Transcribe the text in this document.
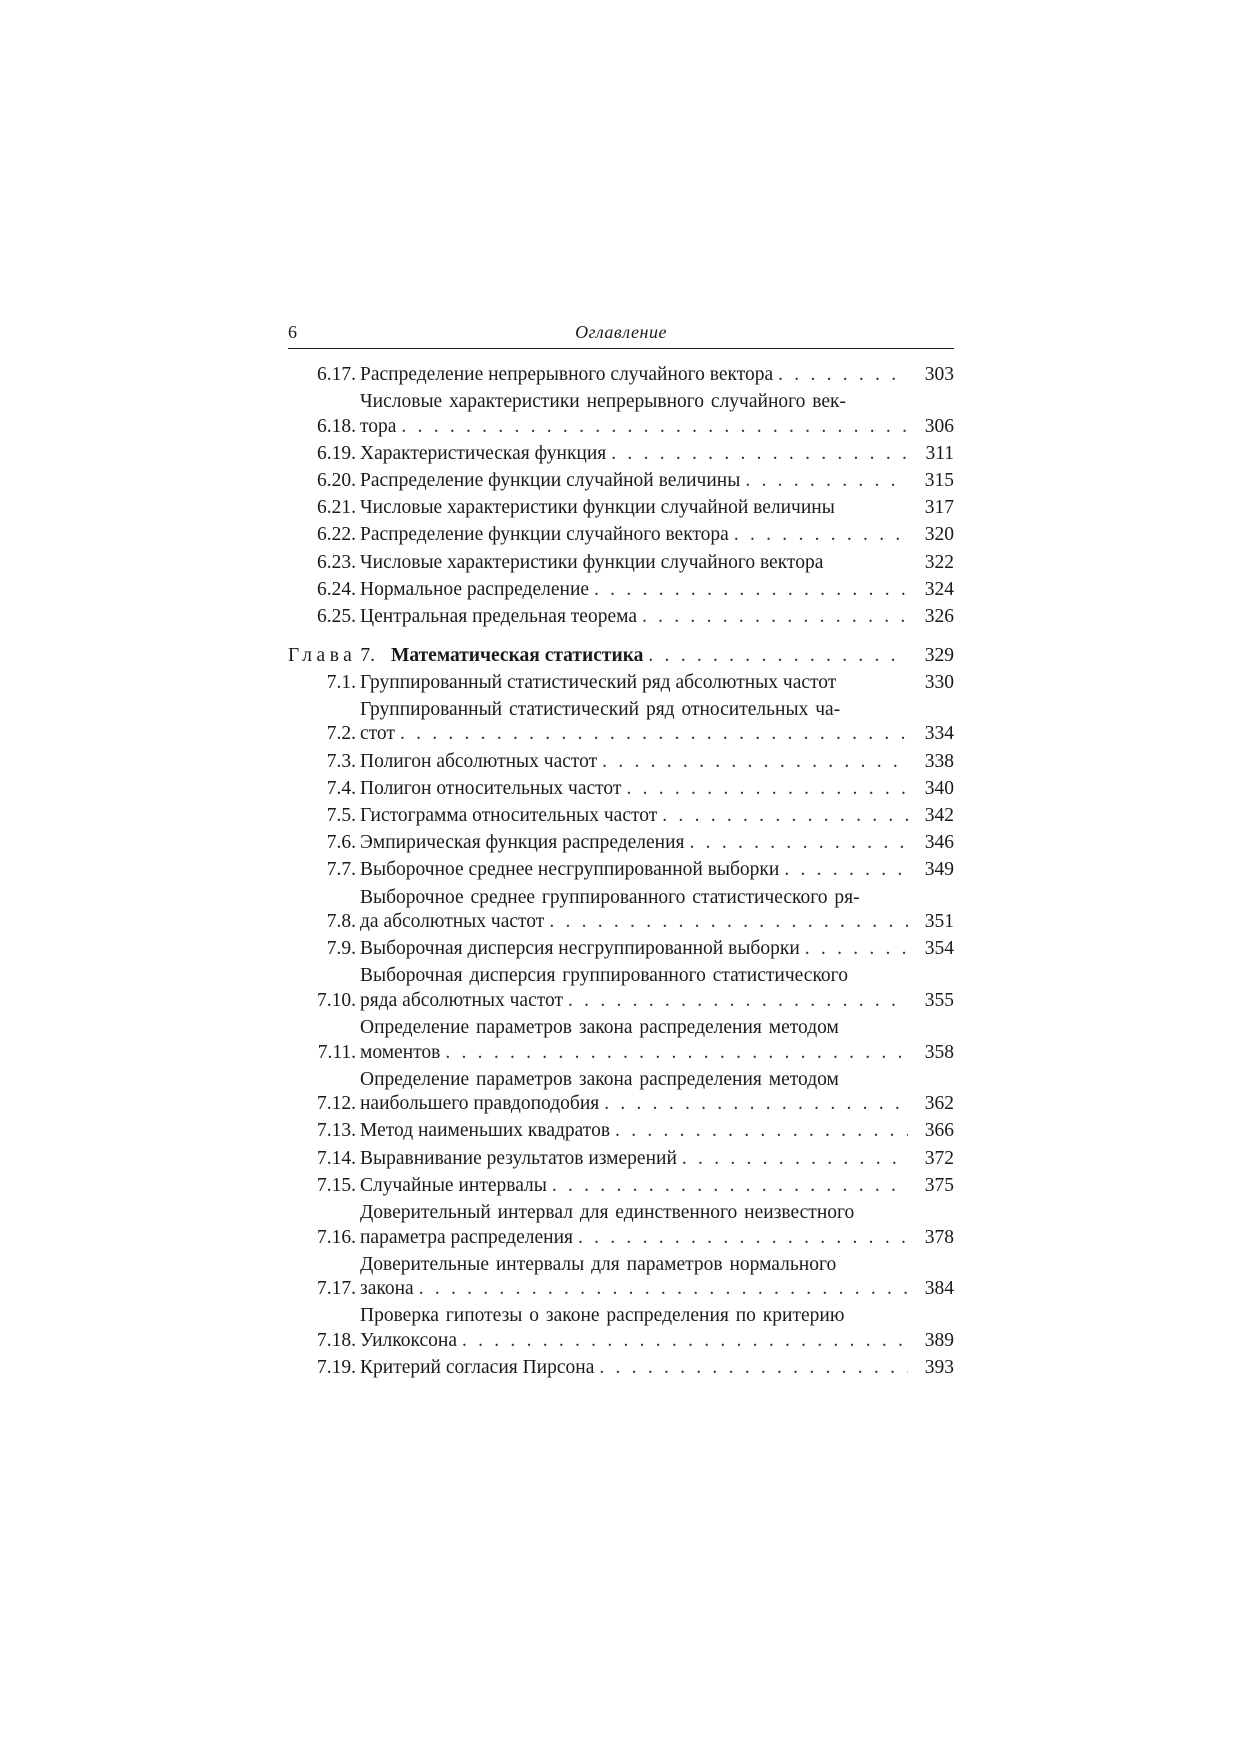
6	Оглавление
6.17. Распределение непрерывного случайного вектора . . .	303
6.18.
Числовые характеристики непрерывного случайного век-
тора . . .	306
6.19. Характеристическая функция . . .	311
6.20. Распределение функции случайной величины . . .	315
6.21. Числовые характеристики функции случайной величины	317
6.22. Распределение функции случайного вектора . . .	320
6.23. Числовые характеристики функции случайного вектора	322
6.24. Нормальное распределение . . .	324
6.25. Центральная предельная теорема . . .	326
Глава 7. Математическая статистика . . .	329
7.1. Группированный статистический ряд абсолютных частот	330
7.2.
Группированный статистический ряд относительных ча-
стот . . .	334
7.3. Полигон абсолютных частот . . .	338
7.4. Полигон относительных частот . . .	340
7.5. Гистограмма относительных частот . . .	342
7.6. Эмпирическая функция распределения . . .	346
7.7. Выборочное среднее несгруппированной выборки . . .	349
7.8.
Выборочное среднее группированного статистического ря-
да абсолютных частот . . .	351
7.9. Выборочная дисперсия несгруппированной выборки . . .	354
7.10.
Выборочная дисперсия группированного статистического
ряда абсолютных частот . . .	355
7.11.
Определение параметров закона распределения методом
моментов . . .	358
7.12.
Определение параметров закона распределения методом
наибольшего правдоподобия . . .	362
7.13. Метод наименьших квадратов . . .	366
7.14. Выравнивание результатов измерений . . .	372
7.15. Случайные интервалы . . .	375
7.16.
Доверительный интервал для единственного неизвестного
параметра распределения . . .	378
7.17.
Доверительные интервалы для параметров нормального
закона . . .	384
7.18.
Проверка гипотезы о законе распределения по критерию
Уилкоксона . . .	389
7.19. Критерий согласия Пирсона . . .	393
